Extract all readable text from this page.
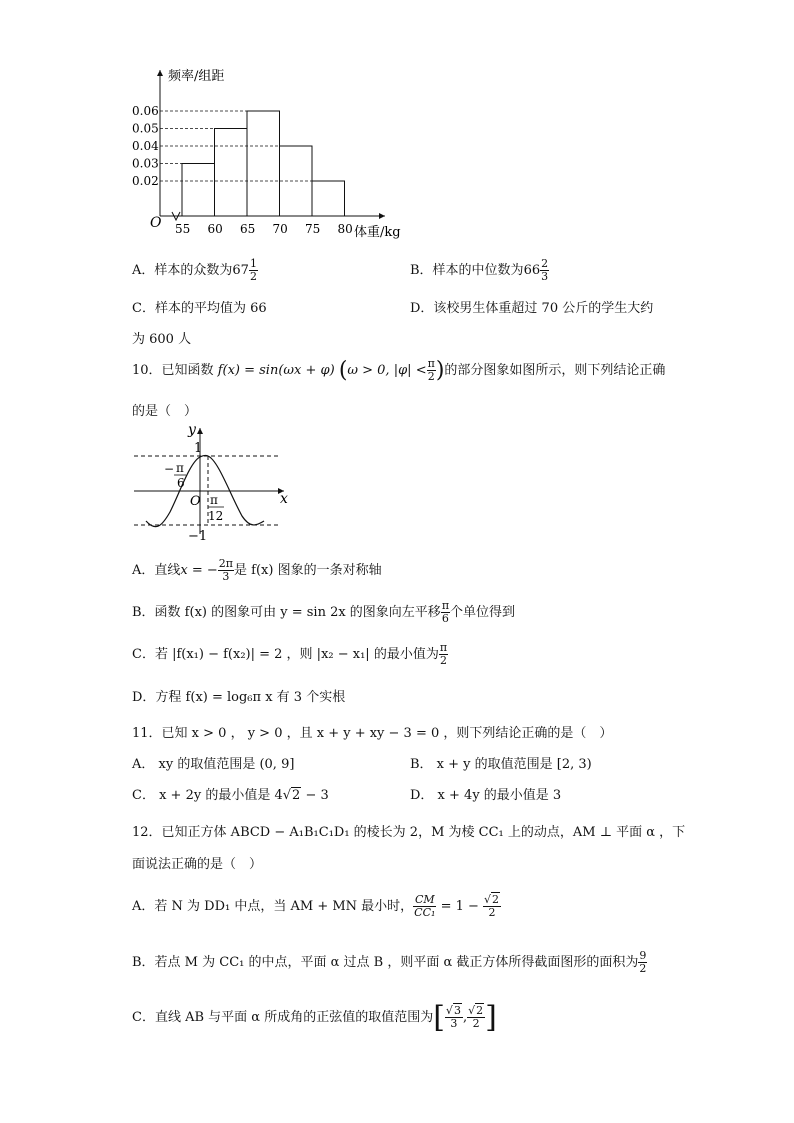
0.02
0.03
0.04
0.05
0.06
55 60 65 70 75 80
频率/组距
体重/kg
O
A．样本的众数为$67 \frac{1}{2}$	B．样本的中位数为$66 \frac{2}{3}$
C．样本的平均值为 66	D．该校男生体重超过 70 公斤的学生大约
为 600 人
10．已知函数 f(x) = sin(ωx + φ) (ω > 0, $|\varphi| < \frac{\pi}{2}$ )的部分图象如图所示，则下列结论正确
的是（　）
y
x
O
1
−1
− π
6
π
12
A．直线x = − $\frac{2\pi}{3}$ 是 f(x) 图象的一条对称轴
B．函数 f(x) 的图象可由 y = sin 2x 的图象向左平移 $\frac{\pi}{6}$ 个单位得到
C．若 |f(x₁) − f(x₂)| = 2 ，则 |x₂ − x₁| 的最小值为 $\frac{\pi}{2}$
D．方程 f(x) = log₆π x 有 3 个实根
11．已知 x > 0 ， y > 0 ，且 x + y + xy − 3 = 0 ，则下列结论正确的是（　）
A． xy 的取值范围是 (0, 9]	B． x + y 的取值范围是 [2, 3)
C． x + 2y 的最小值是 4√2 − 3	D． x + 4y 的最小值是 3
12．已知正方体 ABCD − A₁B₁C₁D₁ 的棱长为 2，M 为棱 CC₁ 上的动点，AM ⊥ 平面 α ，下
面说法正确的是（　）
A．若 N 为 DD₁ 中点，当 AM + MN 最小时， $\frac{CM}{\text{CC₁}} = 1 - \frac{√2}{2}$
B．若点 M 为 CC₁ 的中点，平面 α 过点 B ，则平面 α 截正方体所得截面图形的面积为 $\frac{9}{2}$
C．直线 AB 与平面 α 所成角的正弦值的取值范围为[ $\frac{√3}{3}$ , $\frac{√2}{2}$ ]
